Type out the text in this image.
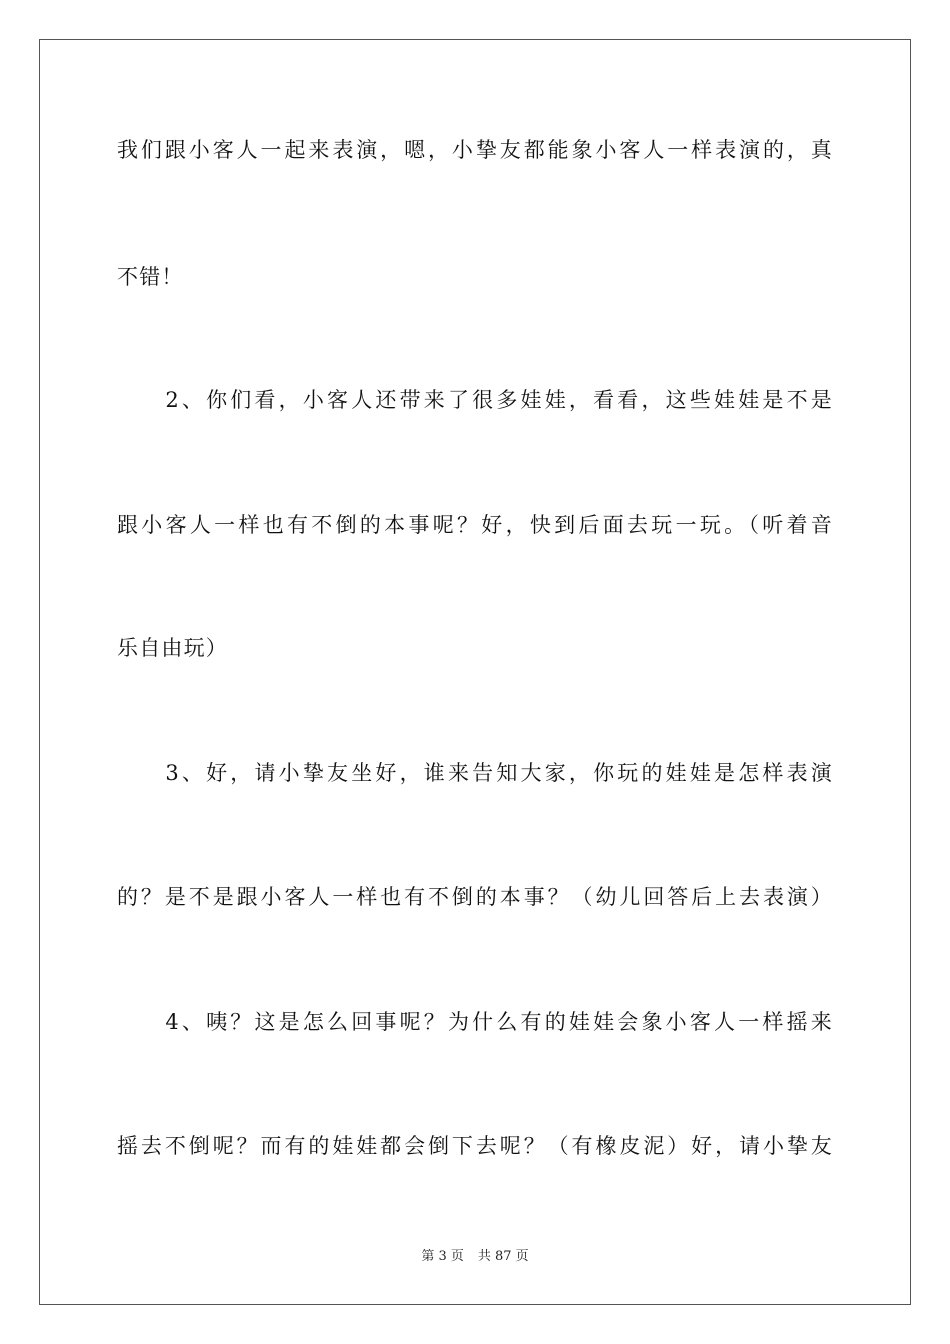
我们跟小客人一起来表演，嗯，小挚友都能象小客人一样表演的，真
不错！
　　2、你们看，小客人还带来了很多娃娃，看看，这些娃娃是不是
跟小客人一样也有不倒的本事呢？好，快到后面去玩一玩。（听着音
乐自由玩）
　　3、好，请小挚友坐好，谁来告知大家，你玩的娃娃是怎样表演
的？是不是跟小客人一样也有不倒的本事？（幼儿回答后上去表演）
　　4、咦？这是怎么回事呢？为什么有的娃娃会象小客人一样摇来
摇去不倒呢？而有的娃娃都会倒下去呢？（有橡皮泥）好，请小挚友
第 3 页 共 87 页
